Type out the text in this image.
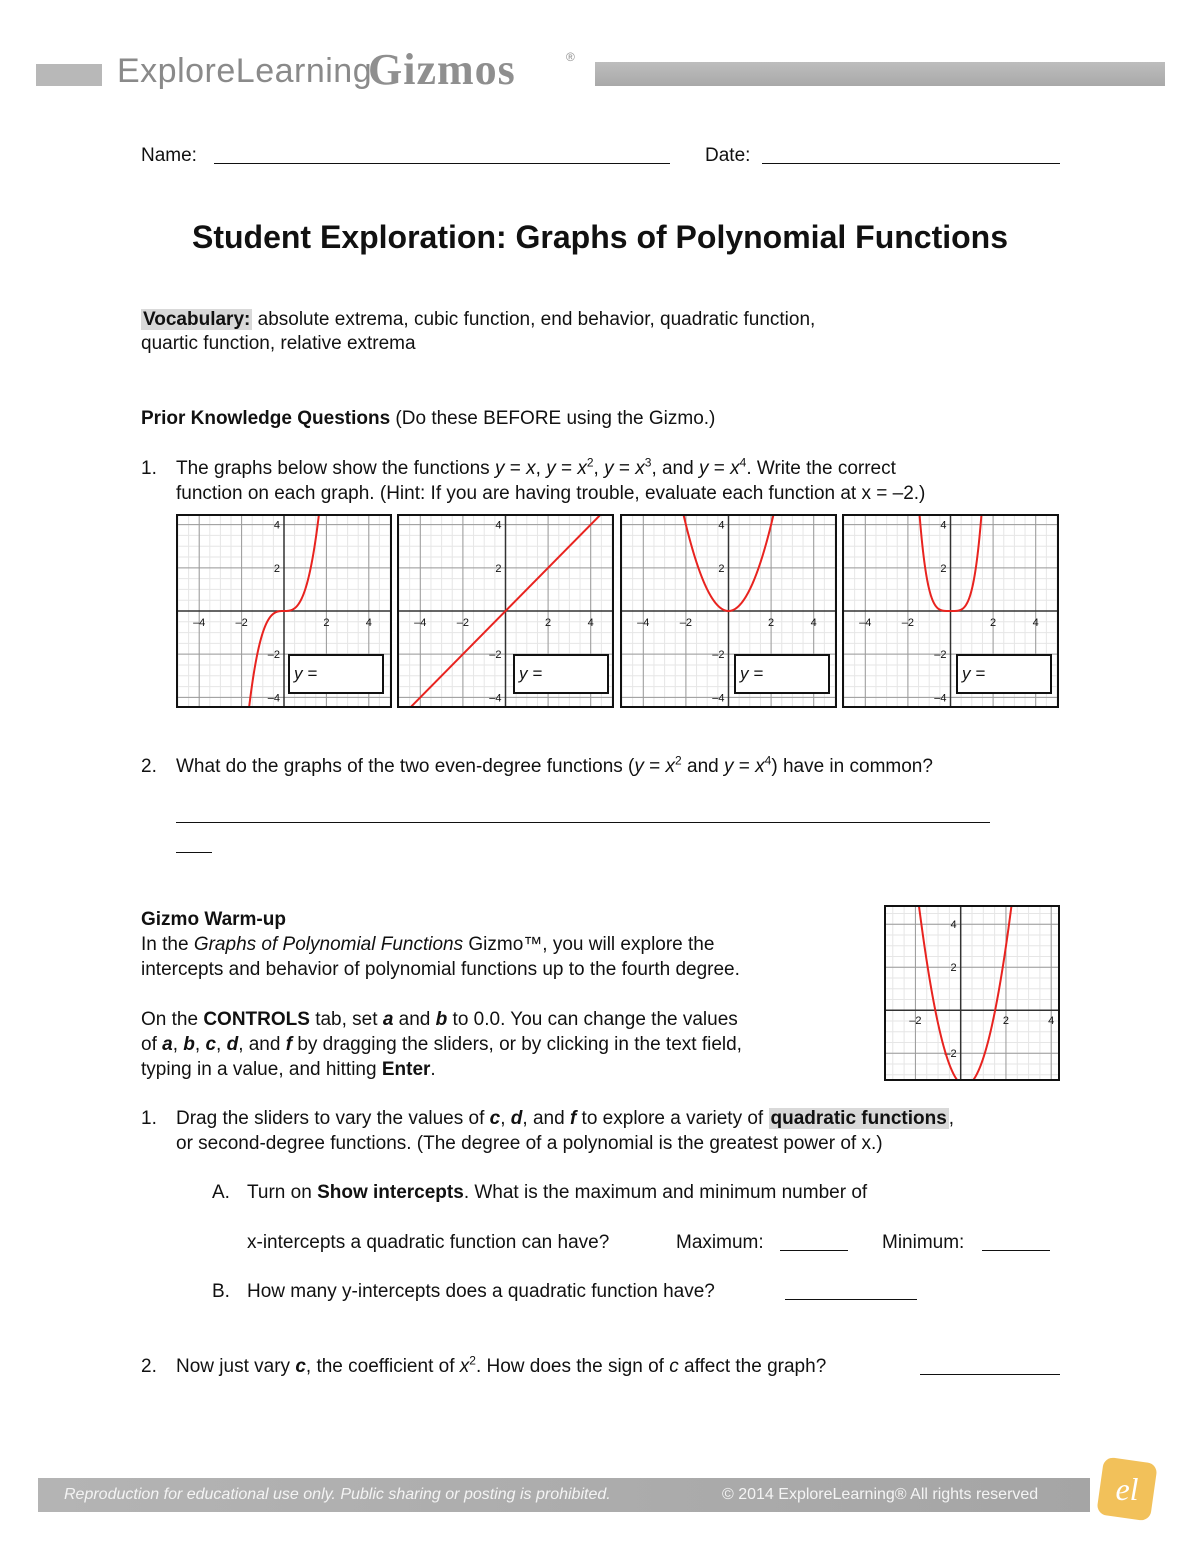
ExploreLearning
Gizmos	®
Name:	Date:
Student Exploration: Graphs of Polynomial Functions
Vocabulary: absolute extrema, cubic function, end behavior, quadratic function,
quartic function, relative extrema
Prior Knowledge Questions (Do these BEFORE using the Gizmo.)
1. The graphs below show the functions y = x, $y = x^2$, $y = x^3$, and $y = x^4$. Write the correct
function on each graph. (Hint: If you are having trouble, evaluate each function at x = –2.)
–4	–2	2	4
4
2
–2
–4
y =
–4	–2	2	4
4
2
–2
–4
y =
–4	–2	2	4
4
2
–2
–4
y =
–4	–2	2	4
4
2
–2
–4
y =
2. What do the graphs of the two even-degree functions ($y = x^2$ and $y = x^4$) have in common?
Gizmo Warm-up
In the Graphs of Polynomial Functions Gizmo™, you will explore the
intercepts and behavior of polynomial functions up to the fourth degree.
On the CONTROLS tab, set a and b to 0.0. You can change the values
of a, b, c, d, and f by dragging the sliders, or by clicking in the text field,
typing in a value, and hitting Enter.
–2	2	4
4
2
–2
1. Drag the sliders to vary the values of c, d, and f to explore a variety of quadratic functions ,
or second-degree functions. (The degree of a polynomial is the greatest power of x.)
A. Turn on Show intercepts. What is the maximum and minimum number of
x-intercepts a quadratic function can have?	Maximum:	Minimum:
B. How many y-intercepts does a quadratic function have?
2. Now just vary c, the coefficient of $x^2$. How does the sign of c affect the graph?
Reproduction for educational use only. Public sharing or posting is prohibited.	© 2014 ExploreLearning® All rights reserved el
